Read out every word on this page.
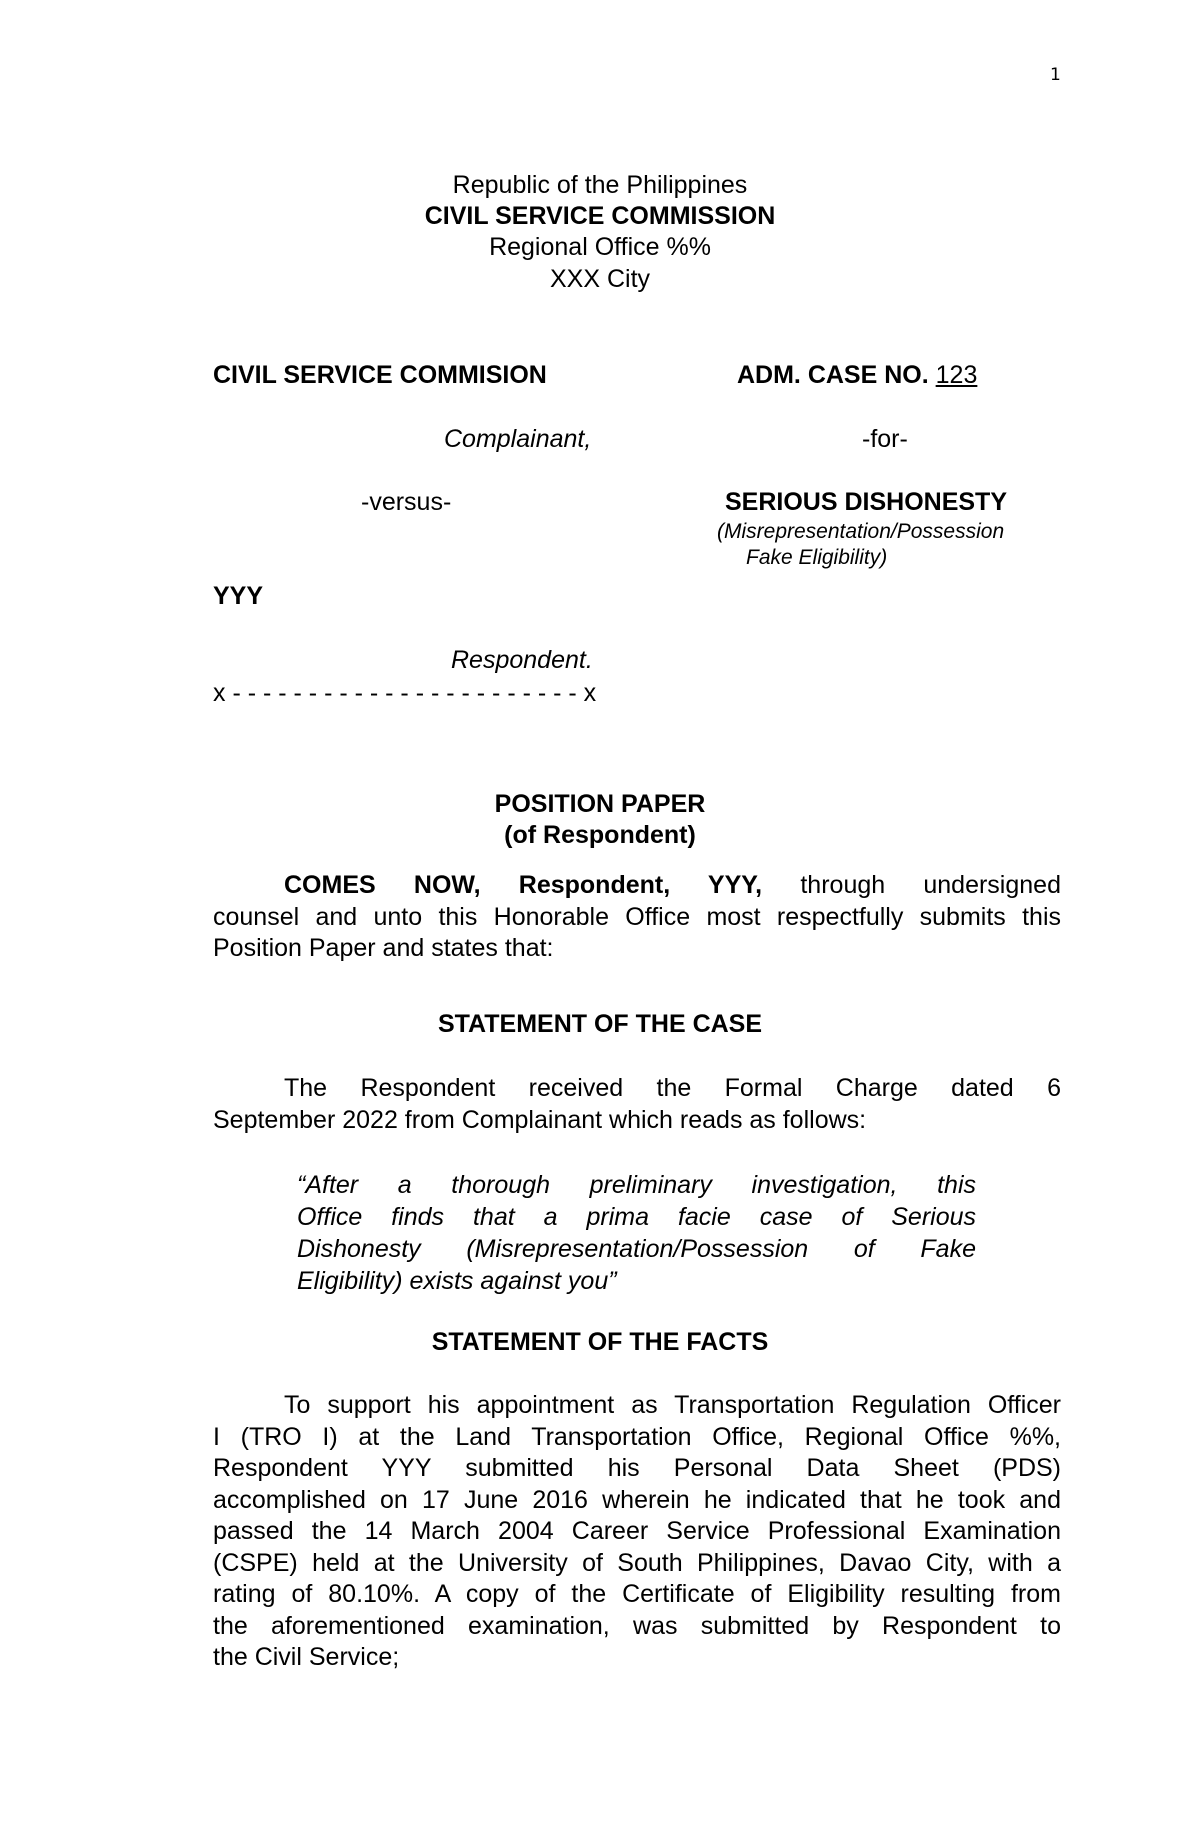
1
Republic of the Philippines
CIVIL SERVICE COMMISSION
Regional Office %%
XXX City
CIVIL SERVICE COMMISION
Complainant,
-versus-
YYY
Respondent.
x - - - - - - - - - - - - - - - - - - - - - - - x
ADM. CASE NO. 123
-for-
SERIOUS DISHONESTY
(Misrepresentation/Possession
Fake Eligibility)
POSITION PAPER
(of Respondent)
COMES NOW, Respondent, YYY, through undersigned
counsel and unto this Honorable Office most respectfully submits this
Position Paper and states that:
STATEMENT OF THE CASE
The Respondent received the Formal Charge dated 6
September 2022 from Complainant which reads as follows:
“After a thorough preliminary investigation, this
Office finds that a prima facie case of Serious
Dishonesty (Misrepresentation/Possession of Fake
Eligibility) exists against you”
STATEMENT OF THE FACTS
To support his appointment as Transportation Regulation Officer
I (TRO I) at the Land Transportation Office, Regional Office %%,
Respondent YYY submitted his Personal Data Sheet (PDS)
accomplished on 17 June 2016 wherein he indicated that he took and
passed the 14 March 2004 Career Service Professional Examination
(CSPE) held at the University of South Philippines, Davao City, with a
rating of 80.10%. A copy of the Certificate of Eligibility resulting from
the aforementioned examination, was submitted by Respondent to
the Civil Service;
